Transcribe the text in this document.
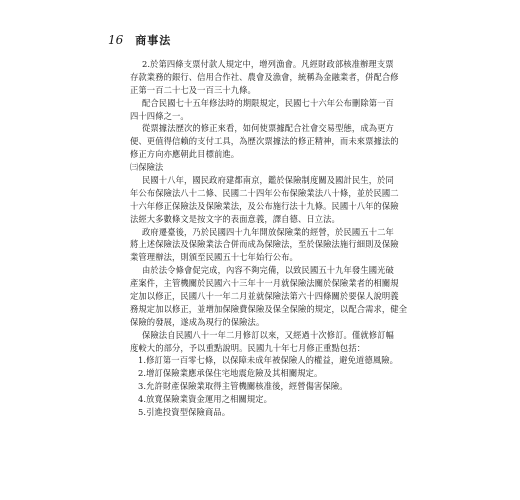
16 商事法
2.於第四條支票付款人規定中，增列漁會。凡經財政部核准辦理支票
存款業務的銀行、信用合作社、農會及漁會，統稱為金融業者，併配合修
正第一百二十七及一百三十九條。
配合民國七十五年修法時的期限規定，民國七十六年公布刪除第一百
四十四條之一。
從票據法歷次的修正來看，如何使票據配合社會交易型態，成為更方
便、更值得信賴的支付工具，為歷次票據法的修正精神，而未來票據法的
修正方向亦應朝此目標前進。
㈢保險法
民國十八年，國民政府建都南京，鑑於保險制度關及國計民生，於同
年公布保險法八十二條、民國二十四年公布保險業法八十條，並於民國二
十六年修正保險法及保險業法，及公布施行法十九條。民國十八年的保險
法經大多數條文是按文字的表面意義，譯自德、日立法。
政府遷臺後，乃於民國四十九年開放保險業的經營，於民國五十二年
將上述保險法及保險業法合併而成為保險法，至於保險法施行細則及保險
業管理辦法，則頒至民國五十七年始行公布。
由於法令條會促完成，內容不夠完備，以致民國五十九年發生國光破
產案件，主管機關於民國六十三年十一月就保險法關於保險業者的相關規
定加以修正，民國八十一年二月並就保險法第六十四條關於要保人說明義
務規定加以修正，並增加保險費保險及保全保險的規定，以配合需求，健全
保險的發展，遂成為現行的保險法。
保險法自民國八十一年二月修訂以來，又經過十次修訂。僅就修訂幅
度較大的部分，予以重點說明。民國九十年七月修正重點包括：
1.修訂第一百零七條，以保障未成年被保險人的權益，避免道德風險。
2.增訂保險業應承保住宅地震危險及其相關規定。
3.允許財產保險業取得主管機關核准後，經營傷害保險。
4.放寬保險業資金運用之相關規定。
5.引進投資型保險商品。
